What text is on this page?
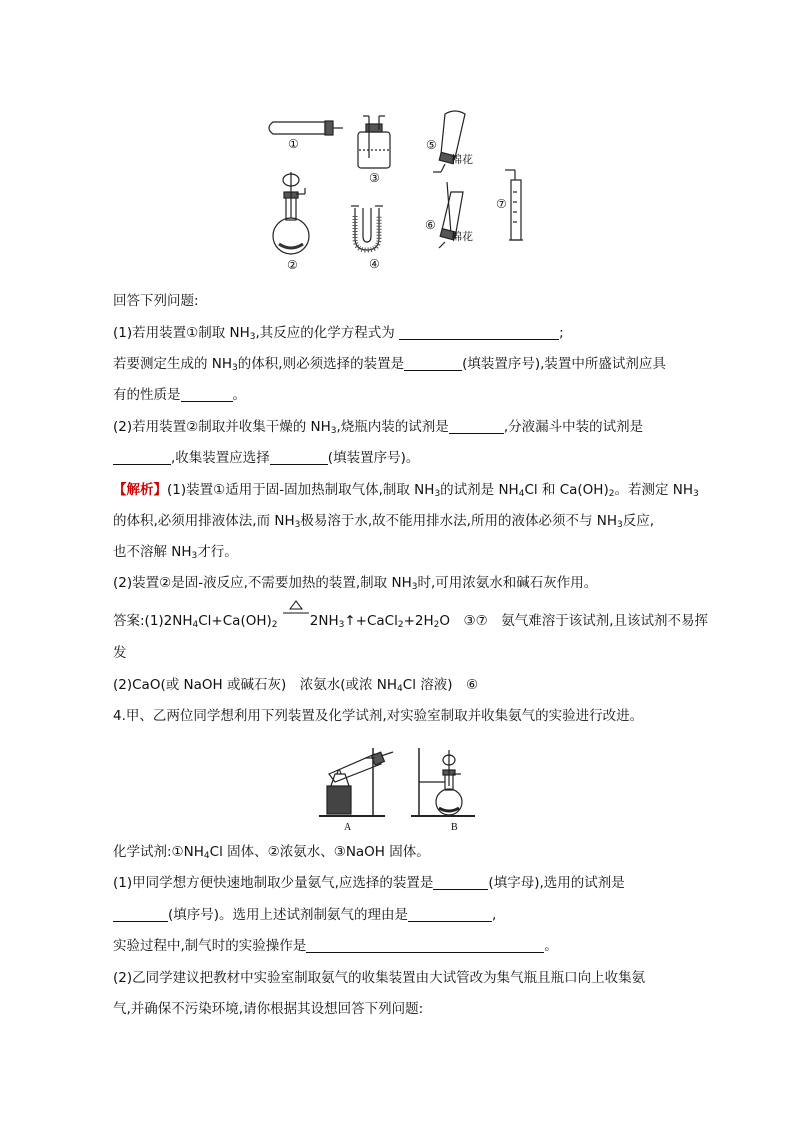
①
②
③
④
⑤
⑥
⑦
棉花
棉花
回答下列问题:
(1)若用装置①制取 $NH_3$,其反应的化学方程式为	;
若要测定生成的 $NH_3$的体积,则必须选择的装置是	(填装置序号),装置中所盛试剂应具
有的性质是	。
(2)若用装置②制取并收集干燥的 $NH_3$,烧瓶内装的试剂是	,分液漏斗中装的试剂是
,收集装置应选择	(填装置序号)。
【解析】(1)装置①适用于固-固加热制取气体,制取 $NH_3$的试剂是 $NH_4Cl$ 和 $Ca(OH)_2$。若测定 $NH_3$
的体积,必须用排液体法,而 $NH_3$极易溶于水,故不能用排水法,所用的液体必须不与 $NH_3$反应,
也不溶解 $NH_3$才行。
(2)装置②是固-液反应,不需要加热的装置,制取 $NH_3$时,可用浓氨水和碱石灰作用。
答案$:(1)2NH_4Cl+Ca(OH)_2$ $2NH_3↑+CaCl_2+2H_2O$　③⑦　氨气难溶于该试剂,且该试剂不易挥
发
(2)CaO(或 NaOH 或碱石灰)　浓氨水(或浓 $NH_4Cl$ 溶液)　⑥
4.甲、乙两位同学想利用下列装置及化学试剂,对实验室制取并收集氨气的实验进行改进。
A	B
化学试剂$:①NH_4Cl$ 固体、②浓氨水、③NaOH 固体。
(1)甲同学想方便快速地制取少量氨气,应选择的装置是	(填字母),选用的试剂是
(填序号)。选用上述试剂制氨气的理由是	,
实验过程中,制气时的实验操作是	。
(2)乙同学建议把教材中实验室制取氨气的收集装置由大试管改为集气瓶且瓶口向上收集氨
气,并确保不污染环境,请你根据其设想回答下列问题:
